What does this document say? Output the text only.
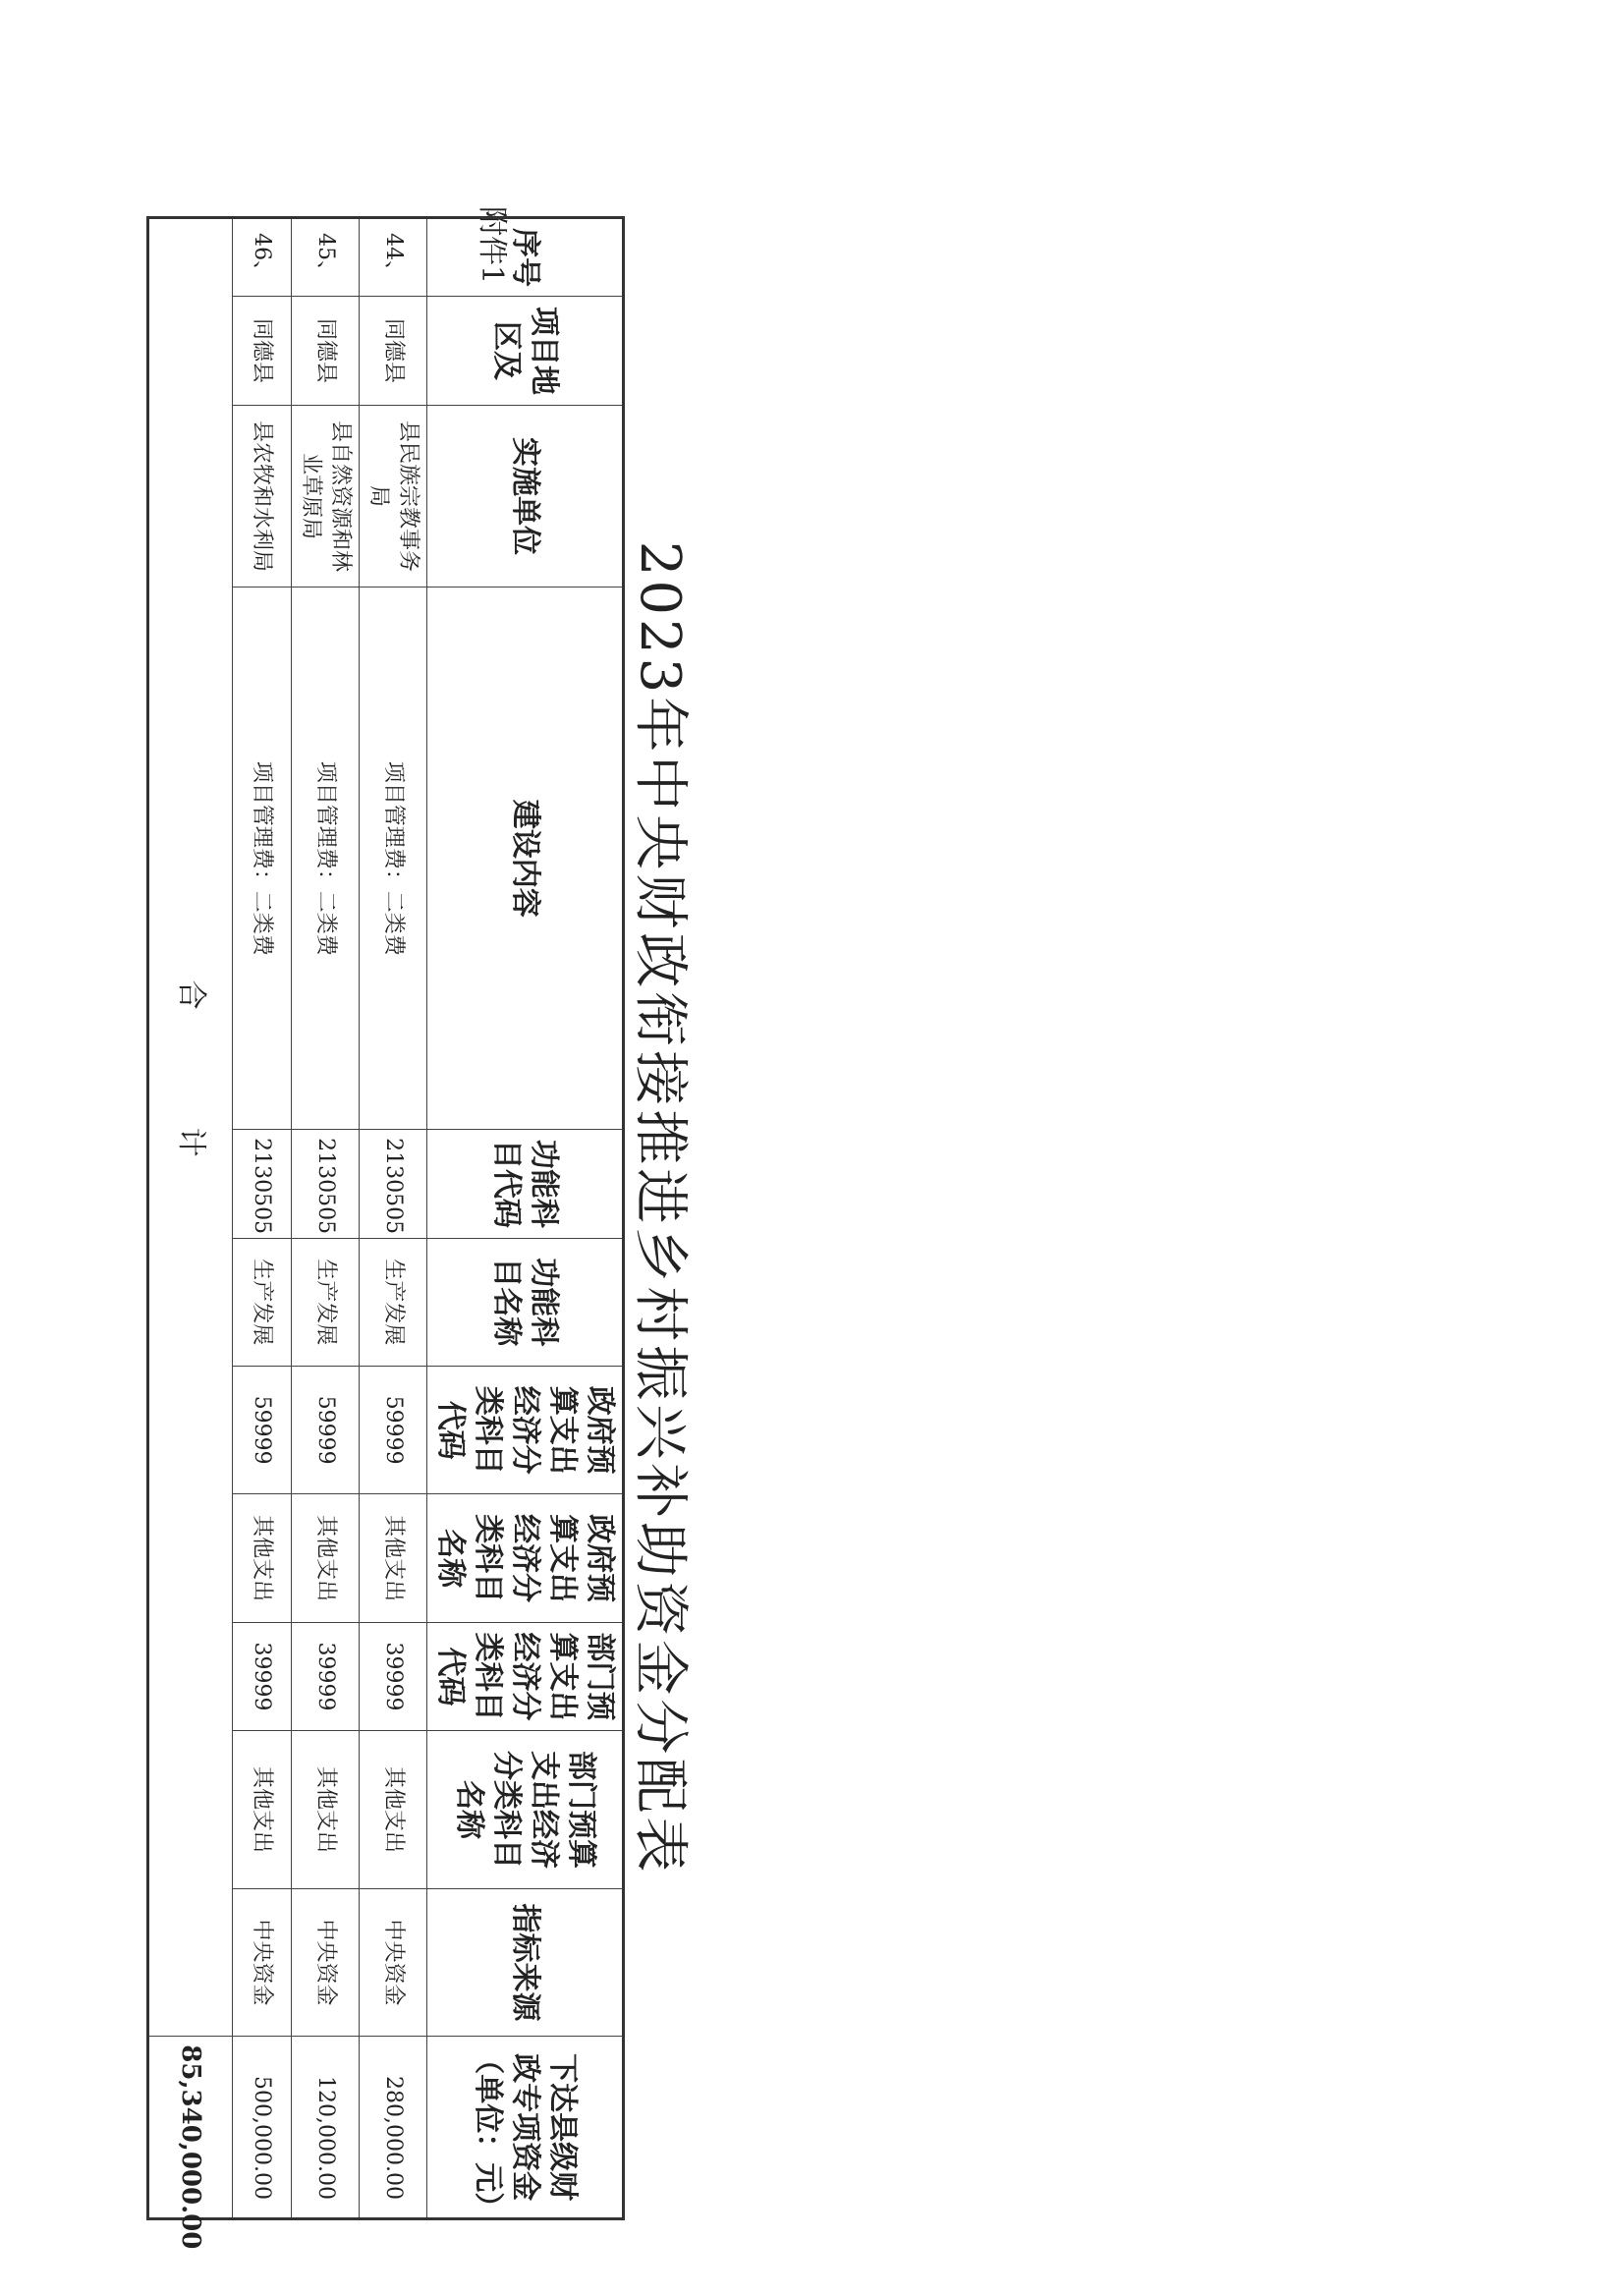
附件1
2023年中央财政衔接推进乡村振兴补助资金分配表
序号	项目地区及	实施单位	建设内容	功能科目代码	功能科目名称	政府预算支出经济分类科目代码	政府预算支出经济分类科目名称	部门预算支出经济分类科目代码	部门预算支出经济分类科目名称	指标来源	下达县级财政专项资金（单位：元）
44、	同德县	县民族宗教事务局	项目管理费：二类费	2130505	生产发展	59999	其他支出	39999	其他支出	中央资金	280,000.00
45、	同德县	县自然资源和林业草原局	项目管理费：二类费	2130505	生产发展	59999	其他支出	39999	其他支出	中央资金	120,000.00
46、	同德县	县农牧和水利局	项目管理费：二类费	2130505	生产发展	59999	其他支出	39999	其他支出	中央资金	500,000.00
合计											85,340,000.00
